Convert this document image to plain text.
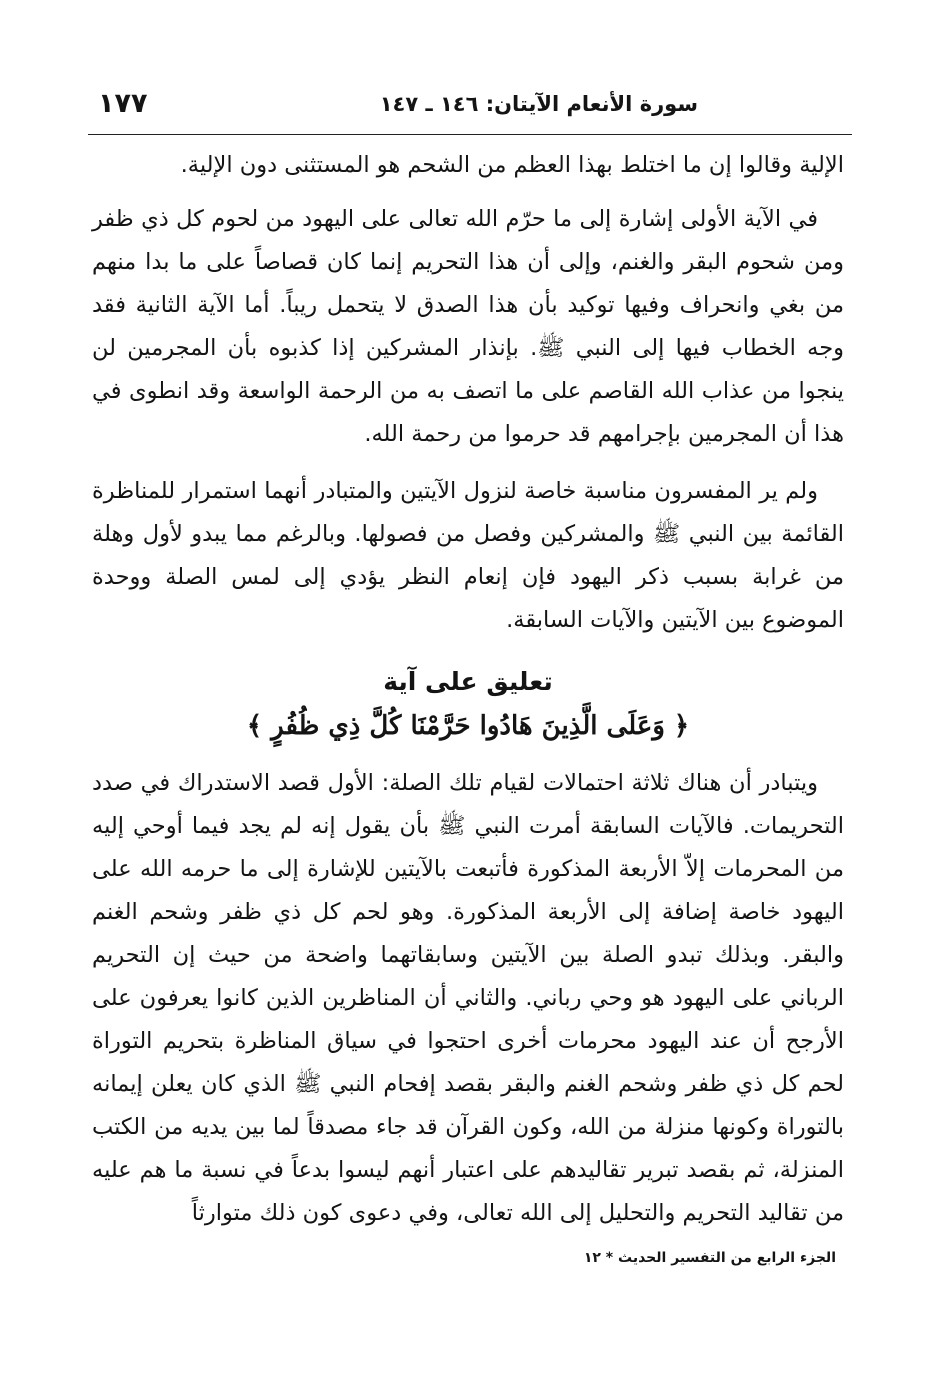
سورة الأنعام الآيتان: ١٤٦ ـ ١٤٧
١٧٧

الإلية وقالوا إن ما اختلط بهذا العظم من الشحم هو المستثنى دون الإلية.

في الآية الأولى إشارة إلى ما حرّم الله تعالى على اليهود من لحوم كل ذي ظفر ومن شحوم البقر والغنم، وإلى أن هذا التحريم إنما كان قصاصاً على ما بدا منهم من بغي وانحراف وفيها توكيد بأن هذا الصدق لا يتحمل ريباً. أما الآية الثانية فقد وجه الخطاب فيها إلى النبي ﷺ. بإنذار المشركين إذا كذبوه بأن المجرمين لن ينجوا من عذاب الله القاصم على ما اتصف به من الرحمة الواسعة وقد انطوى في هذا أن المجرمين بإجرامهم قد حرموا من رحمة الله.

ولم ير المفسرون مناسبة خاصة لنزول الآيتين والمتبادر أنهما استمرار للمناظرة القائمة بين النبي ﷺ والمشركين وفصل من فصولها. وبالرغم مما يبدو لأول وهلة من غرابة بسبب ذكر اليهود فإن إنعام النظر يؤدي إلى لمس الصلة ووحدة الموضوع بين الآيتين والآيات السابقة.

تعليق على آية
﴿ وَعَلَى الَّذِينَ هَادُوا حَرَّمْنَا كُلَّ ذِي ظُفُرٍ ﴾

ويتبادر أن هناك ثلاثة احتمالات لقيام تلك الصلة: الأول قصد الاستدراك في صدد التحريمات. فالآيات السابقة أمرت النبي ﷺ بأن يقول إنه لم يجد فيما أوحي إليه من المحرمات إلاّ الأربعة المذكورة فأتبعت بالآيتين للإشارة إلى ما حرمه الله على اليهود خاصة إضافة إلى الأربعة المذكورة. وهو لحم كل ذي ظفر وشحم الغنم والبقر. وبذلك تبدو الصلة بين الآيتين وسابقاتهما واضحة من حيث إن التحريم الرباني على اليهود هو وحي رباني. والثاني أن المناظرين الذين كانوا يعرفون على الأرجح أن عند اليهود محرمات أخرى احتجوا في سياق المناظرة بتحريم التوراة لحم كل ذي ظفر وشحم الغنم والبقر بقصد إفحام النبي ﷺ الذي كان يعلن إيمانه بالتوراة وكونها منزلة من الله، وكون القرآن قد جاء مصدقاً لما بين يديه من الكتب المنزلة، ثم بقصد تبرير تقاليدهم على اعتبار أنهم ليسوا بدعاً في نسبة ما هم عليه من تقاليد التحريم والتحليل إلى الله تعالى، وفي دعوى كون ذلك متوارثاً

الجزء الرابع من التفسير الحديث * ١٢
